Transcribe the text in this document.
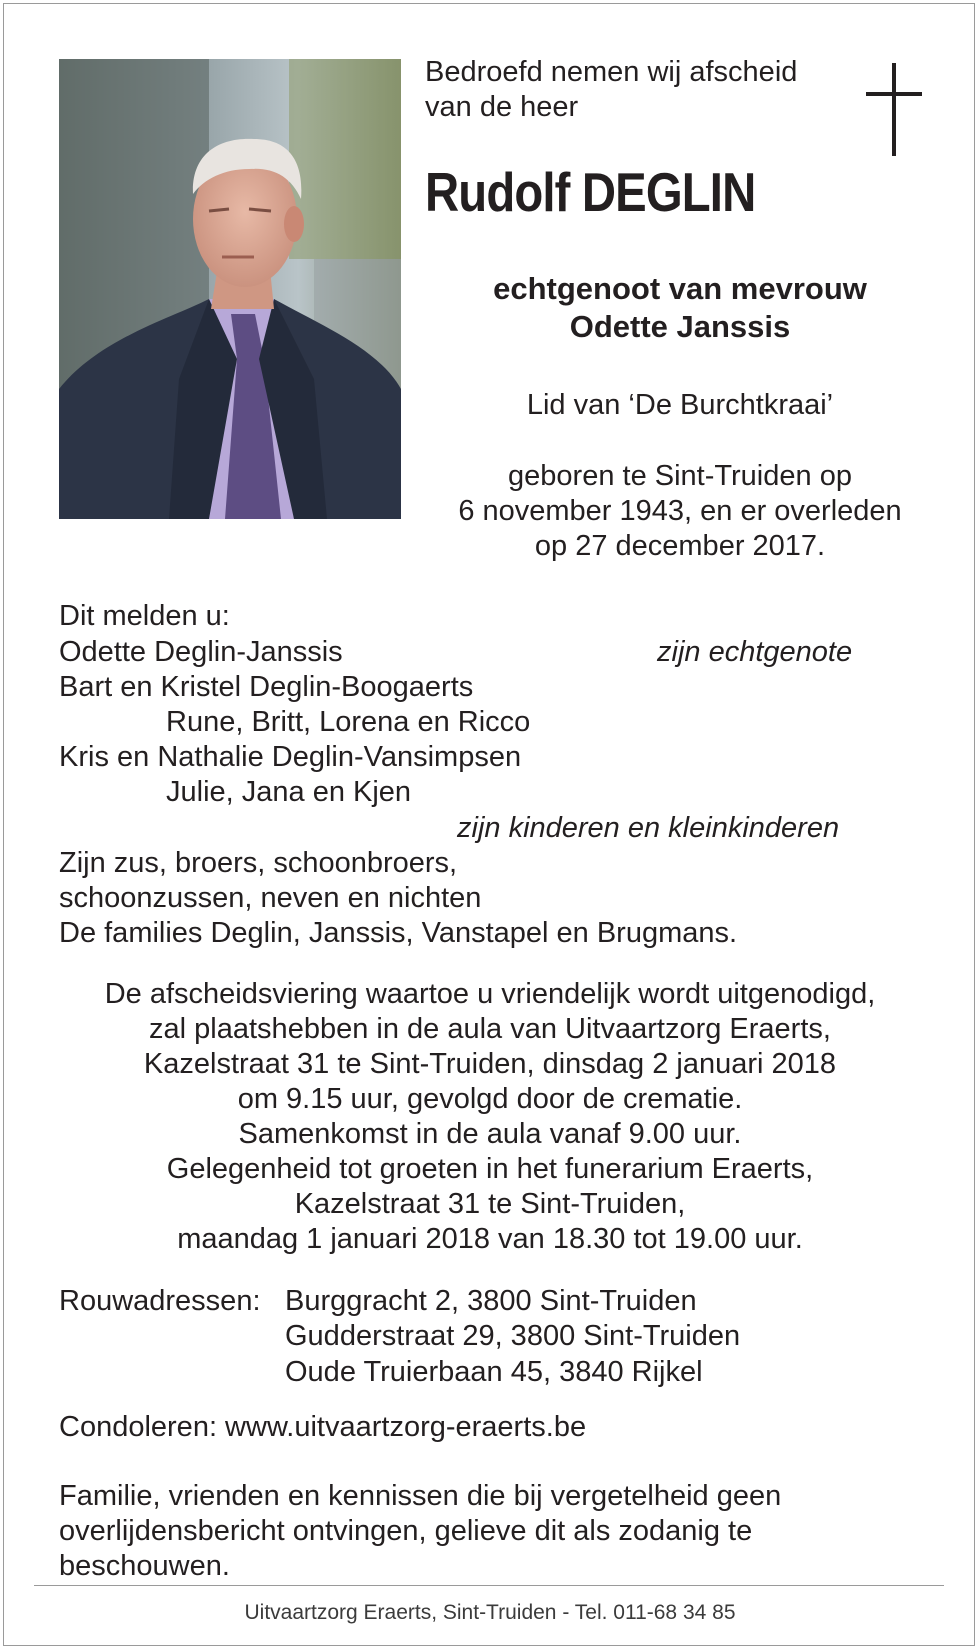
Bedroefd nemen wij afscheid
van de heer
Rudolf DEGLIN
echtgenoot van mevrouw
Odette Janssis
Lid van ‘De Burchtkraai’
geboren te Sint-Truiden op
6 november 1943, en er overleden
op 27 december 2017.
Dit melden u:
Odette Deglin-Janssis	zijn echtgenote
Bart en Kristel Deglin-Boogaerts
Rune, Britt, Lorena en Ricco
Kris en Nathalie Deglin-Vansimpsen
Julie, Jana en Kjen
zijn kinderen en kleinkinderen
Zijn zus, broers, schoonbroers,
schoonzussen, neven en nichten
De families Deglin, Janssis, Vanstapel en Brugmans.
De afscheidsviering waartoe u vriendelijk wordt uitgenodigd,
zal plaatshebben in de aula van Uitvaartzorg Eraerts,
Kazelstraat 31 te Sint-Truiden, dinsdag 2 januari 2018
om 9.15 uur, gevolgd door de crematie.
Samenkomst in de aula vanaf 9.00 uur.
Gelegenheid tot groeten in het funerarium Eraerts,
Kazelstraat 31 te Sint-Truiden,
maandag 1 januari 2018 van 18.30 tot 19.00 uur.
Rouwadressen: Burggracht 2, 3800 Sint-Truiden
Gudderstraat 29, 3800 Sint-Truiden
Oude Truierbaan 45, 3840 Rijkel
Condoleren: www.uitvaartzorg-eraerts.be
Familie, vrienden en kennissen die bij vergetelheid geen
overlijdensbericht ontvingen, gelieve dit als zodanig te
beschouwen.
Uitvaartzorg Eraerts, Sint-Truiden - Tel. 011-68 34 85
